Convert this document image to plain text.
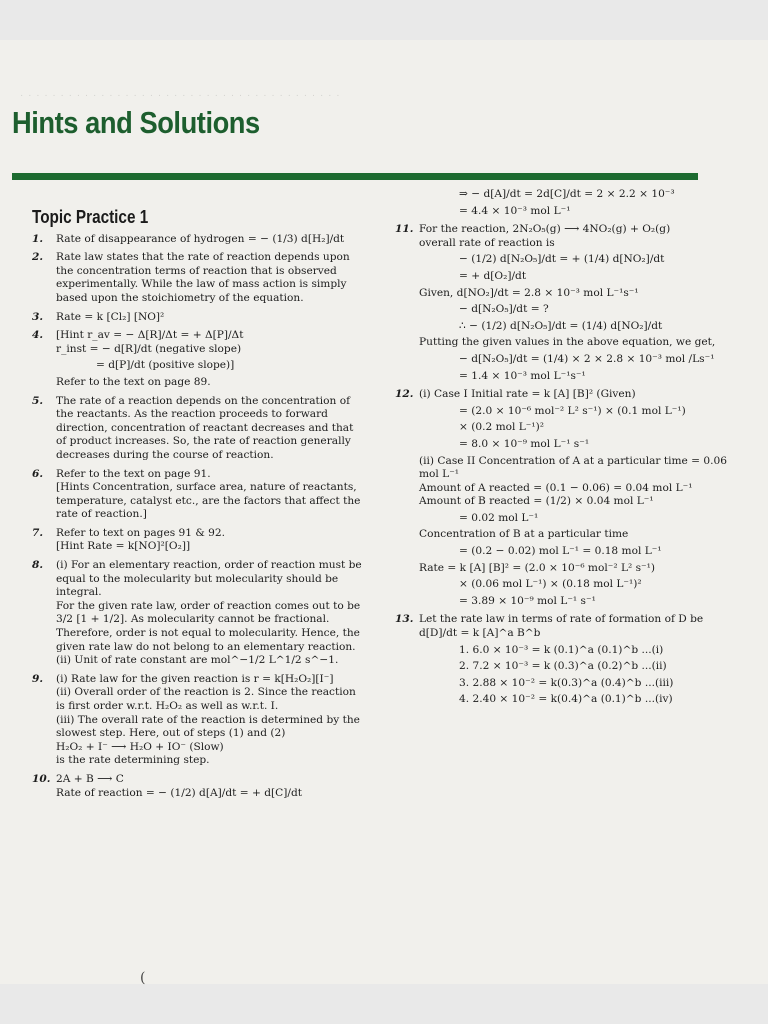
· · · · · · · · · · · · · · · · · · · · · · · · · · · · · · · · · · · · · · · ·
Hints and Solutions
Topic Practice 1
1. Rate of disappearance of hydrogen = − (1/3) d[H₂]/dt
2. Rate law states that the rate of reaction depends upon the concentration terms of reaction that is observed experimentally. While the law of mass action is simply based upon the stoichiometry of the equation.
3. Rate = k [Cl₂] [NO]²
4. [Hint r_av = − Δ[R]/Δt = + Δ[P]/Δt
r_inst = − d[R]/dt (negative slope)
= d[P]/dt (positive slope)]
Refer to the text on page 89.
5. The rate of a reaction depends on the concentration of the reactants. As the reaction proceeds to forward direction, concentration of reactant decreases and that of product increases. So, the rate of reaction generally decreases during the course of reaction.
6. Refer to the text on page 91.
[Hints Concentration, surface area, nature of reactants, temperature, catalyst etc., are the factors that affect the rate of reaction.]
7. Refer to text on pages 91 & 92.
[Hint Rate = k[NO]²[O₂]]
8. (i) For an elementary reaction, order of reaction must be equal to the molecularity but molecularity should be integral.
For the given rate law, order of reaction comes out to be 3/2 [1 + 1/2]. As molecularity cannot be fractional.
Therefore, order is not equal to molecularity. Hence, the given rate law do not belong to an elementary reaction.
(ii) Unit of rate constant are mol^−1/2 L^1/2 s^−1.
9. (i) Rate law for the given reaction is r = k[H₂O₂][I⁻]
(ii) Overall order of the reaction is 2. Since the reaction is first order w.r.t. H₂O₂ as well as w.r.t. I.
(iii) The overall rate of the reaction is determined by the slowest step. Here, out of steps (1) and (2)
H₂O₂ + I⁻ ⟶ H₂O + IO⁻ (Slow)
is the rate determining step.
10. 2A + B ⟶ C
Rate of reaction = − (1/2) d[A]/dt = + d[C]/dt
⇒ − d[A]/dt = 2d[C]/dt = 2 × 2.2 × 10⁻³
= 4.4 × 10⁻³ mol L⁻¹
11. For the reaction, 2N₂O₅(g) ⟶ 4NO₂(g) + O₂(g)
overall rate of reaction is
− (1/2) d[N₂O₅]/dt = + (1/4) d[NO₂]/dt
= + d[O₂]/dt
Given, d[NO₂]/dt = 2.8 × 10⁻³ mol L⁻¹s⁻¹
− d[N₂O₅]/dt = ?
∴ − (1/2) d[N₂O₅]/dt = (1/4) d[NO₂]/dt
Putting the given values in the above equation, we get,
− d[N₂O₅]/dt = (1/4) × 2 × 2.8 × 10⁻³ mol /Ls⁻¹
= 1.4 × 10⁻³ mol L⁻¹s⁻¹
12. (i) Case I Initial rate = k [A] [B]² (Given)
= (2.0 × 10⁻⁶ mol⁻² L² s⁻¹) × (0.1 mol L⁻¹)
× (0.2 mol L⁻¹)²
= 8.0 × 10⁻⁹ mol L⁻¹ s⁻¹
(ii) Case II Concentration of A at a particular time = 0.06 mol L⁻¹
Amount of A reacted = (0.1 − 0.06) = 0.04 mol L⁻¹
Amount of B reacted = (1/2) × 0.04 mol L⁻¹
= 0.02 mol L⁻¹
Concentration of B at a particular time
= (0.2 − 0.02) mol L⁻¹ = 0.18 mol L⁻¹
Rate = k [A] [B]² = (2.0 × 10⁻⁶ mol⁻² L² s⁻¹)
× (0.06 mol L⁻¹) × (0.18 mol L⁻¹)²
= 3.89 × 10⁻⁹ mol L⁻¹ s⁻¹
13. Let the rate law in terms of rate of formation of D be
d[D]/dt = k [A]^a B^b
1. 6.0 × 10⁻³ = k (0.1)^a (0.1)^b ...(i)
2. 7.2 × 10⁻³ = k (0.3)^a (0.2)^b ...(ii)
3. 2.88 × 10⁻² = k(0.3)^a (0.4)^b ...(iii)
4. 2.40 × 10⁻² = k(0.4)^a (0.1)^b ...(iv)
(
